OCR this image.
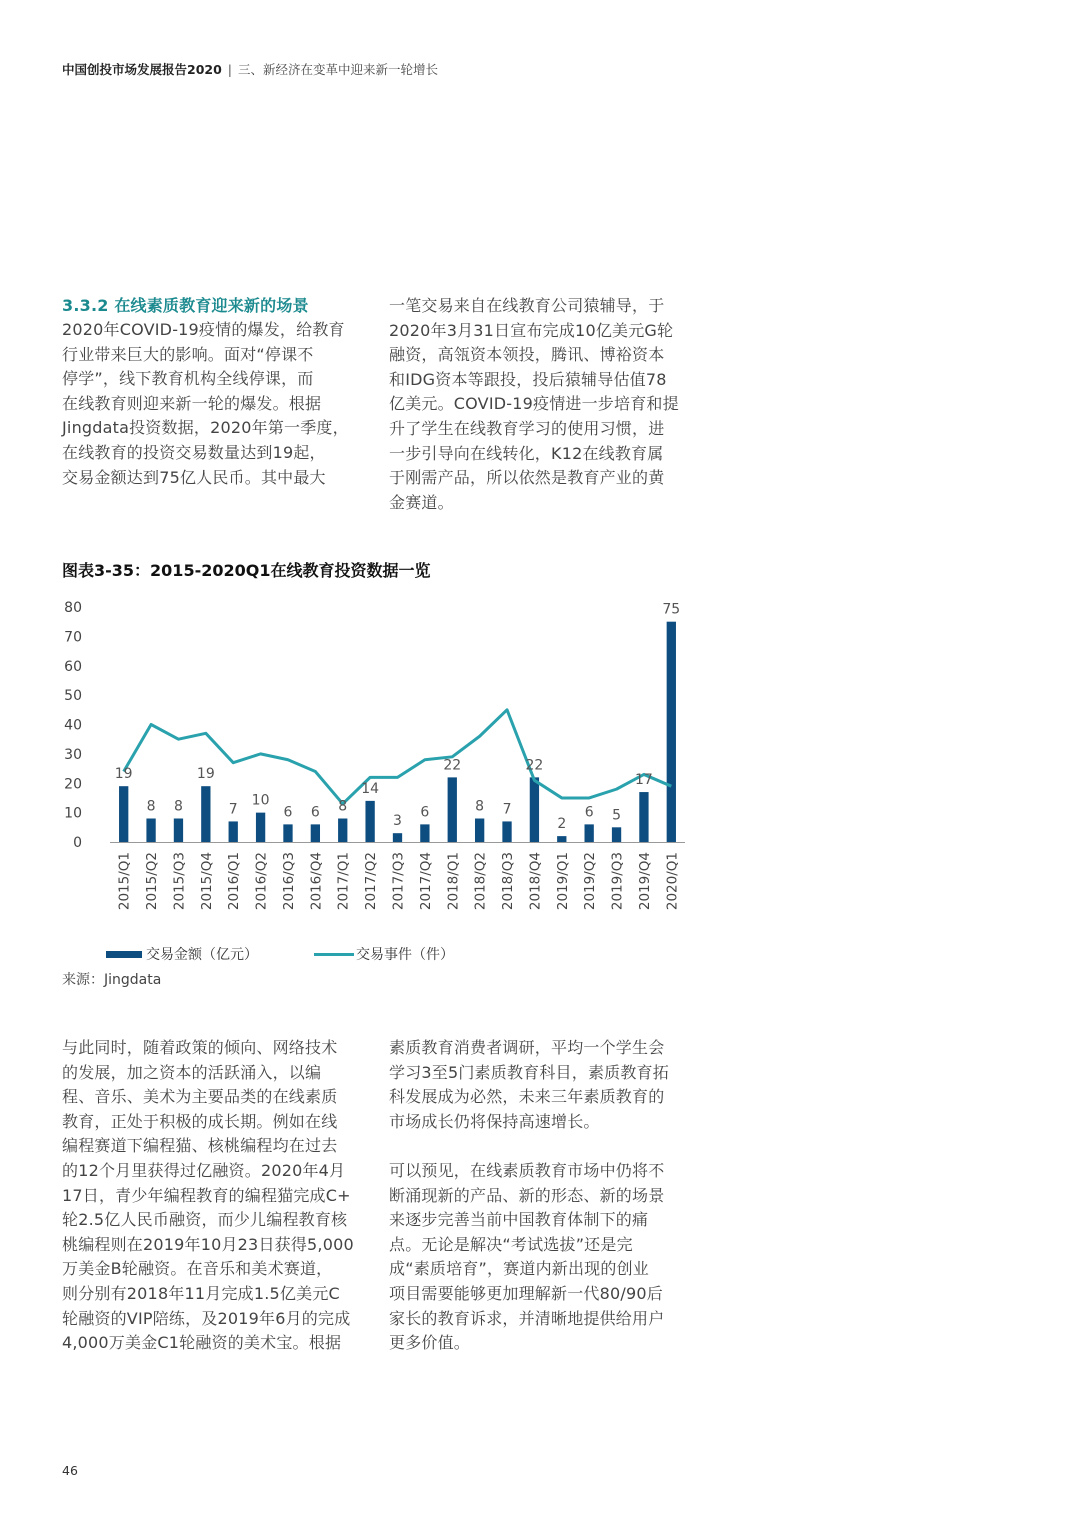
中国创投市场发展报告2020 | 三、新经济在变革中迎来新一轮增长
3.3.2 在线素质教育迎来新的场景

2020年COVID-19疫情的爆发，给教育
行业带来巨大的影响。面对“停课不
停学”，线下教育机构全线停课，而
在线教育则迎来新一轮的爆发。根据
Jingdata投资数据，2020年第一季度，
在线教育的投资交易数量达到19起，
交易金额达到75亿人民币。其中最大

一笔交易来自在线教育公司猿辅导，于
2020年3月31日宣布完成10亿美元G轮
融资，高瓴资本领投，腾讯、博裕资本
和IDG资本等跟投，投后猿辅导估值78
亿美元。COVID-19疫情进一步培育和提
升了学生在线教育学习的使用习惯，进
一步引导向在线转化，K12在线教育属
于刚需产品，所以依然是教育产业的黄
金赛道。

图表3-35：2015-2020Q1在线教育投资数据一览
0
10
20
30
40
50
60
70
80
19
8 8
19
7
10
6 6 8
14
3
6
22
8 7
22
2
6 5
17
75
2015/Q1 2015/Q2 2015/Q3 2015/Q4 2016/Q1 2016/Q2 2016/Q3 2016/Q4 2017/Q1 2017/Q2 2017/Q3 2017/Q4 2018/Q1 2018/Q2 2018/Q3 2018/Q4 2019/Q1 2019/Q2 2019/Q3 2019/Q4 2020/Q1
交易金额（亿元）	交易事件（件）
来源：Jingdata

与此同时，随着政策的倾向、网络技术
的发展，加之资本的活跃涌入，以编
程、音乐、美术为主要品类的在线素质
教育，正处于积极的成长期。例如在线
编程赛道下编程猫、核桃编程均在过去
的12个月里获得过亿融资。2020年4月
17日，青少年编程教育的编程猫完成C+
轮2.5亿人民币融资，而少儿编程教育核
桃编程则在2019年10月23日获得5,000
万美金B轮融资。在音乐和美术赛道，
则分别有2018年11月完成1.5亿美元C
轮融资的VIP陪练，及2019年6月的完成
4,000万美金C1轮融资的美术宝。根据

素质教育消费者调研，平均一个学生会
学习3至5门素质教育科目，素质教育拓
科发展成为必然，未来三年素质教育的
市场成长仍将保持高速增长。

可以预见，在线素质教育市场中仍将不
断涌现新的产品、新的形态、新的场景
来逐步完善当前中国教育体制下的痛
点。无论是解决“考试选拔”还是完
成“素质培育”，赛道内新出现的创业
项目需要能够更加理解新一代80/90后
家长的教育诉求，并清晰地提供给用户
更多价值。

46
